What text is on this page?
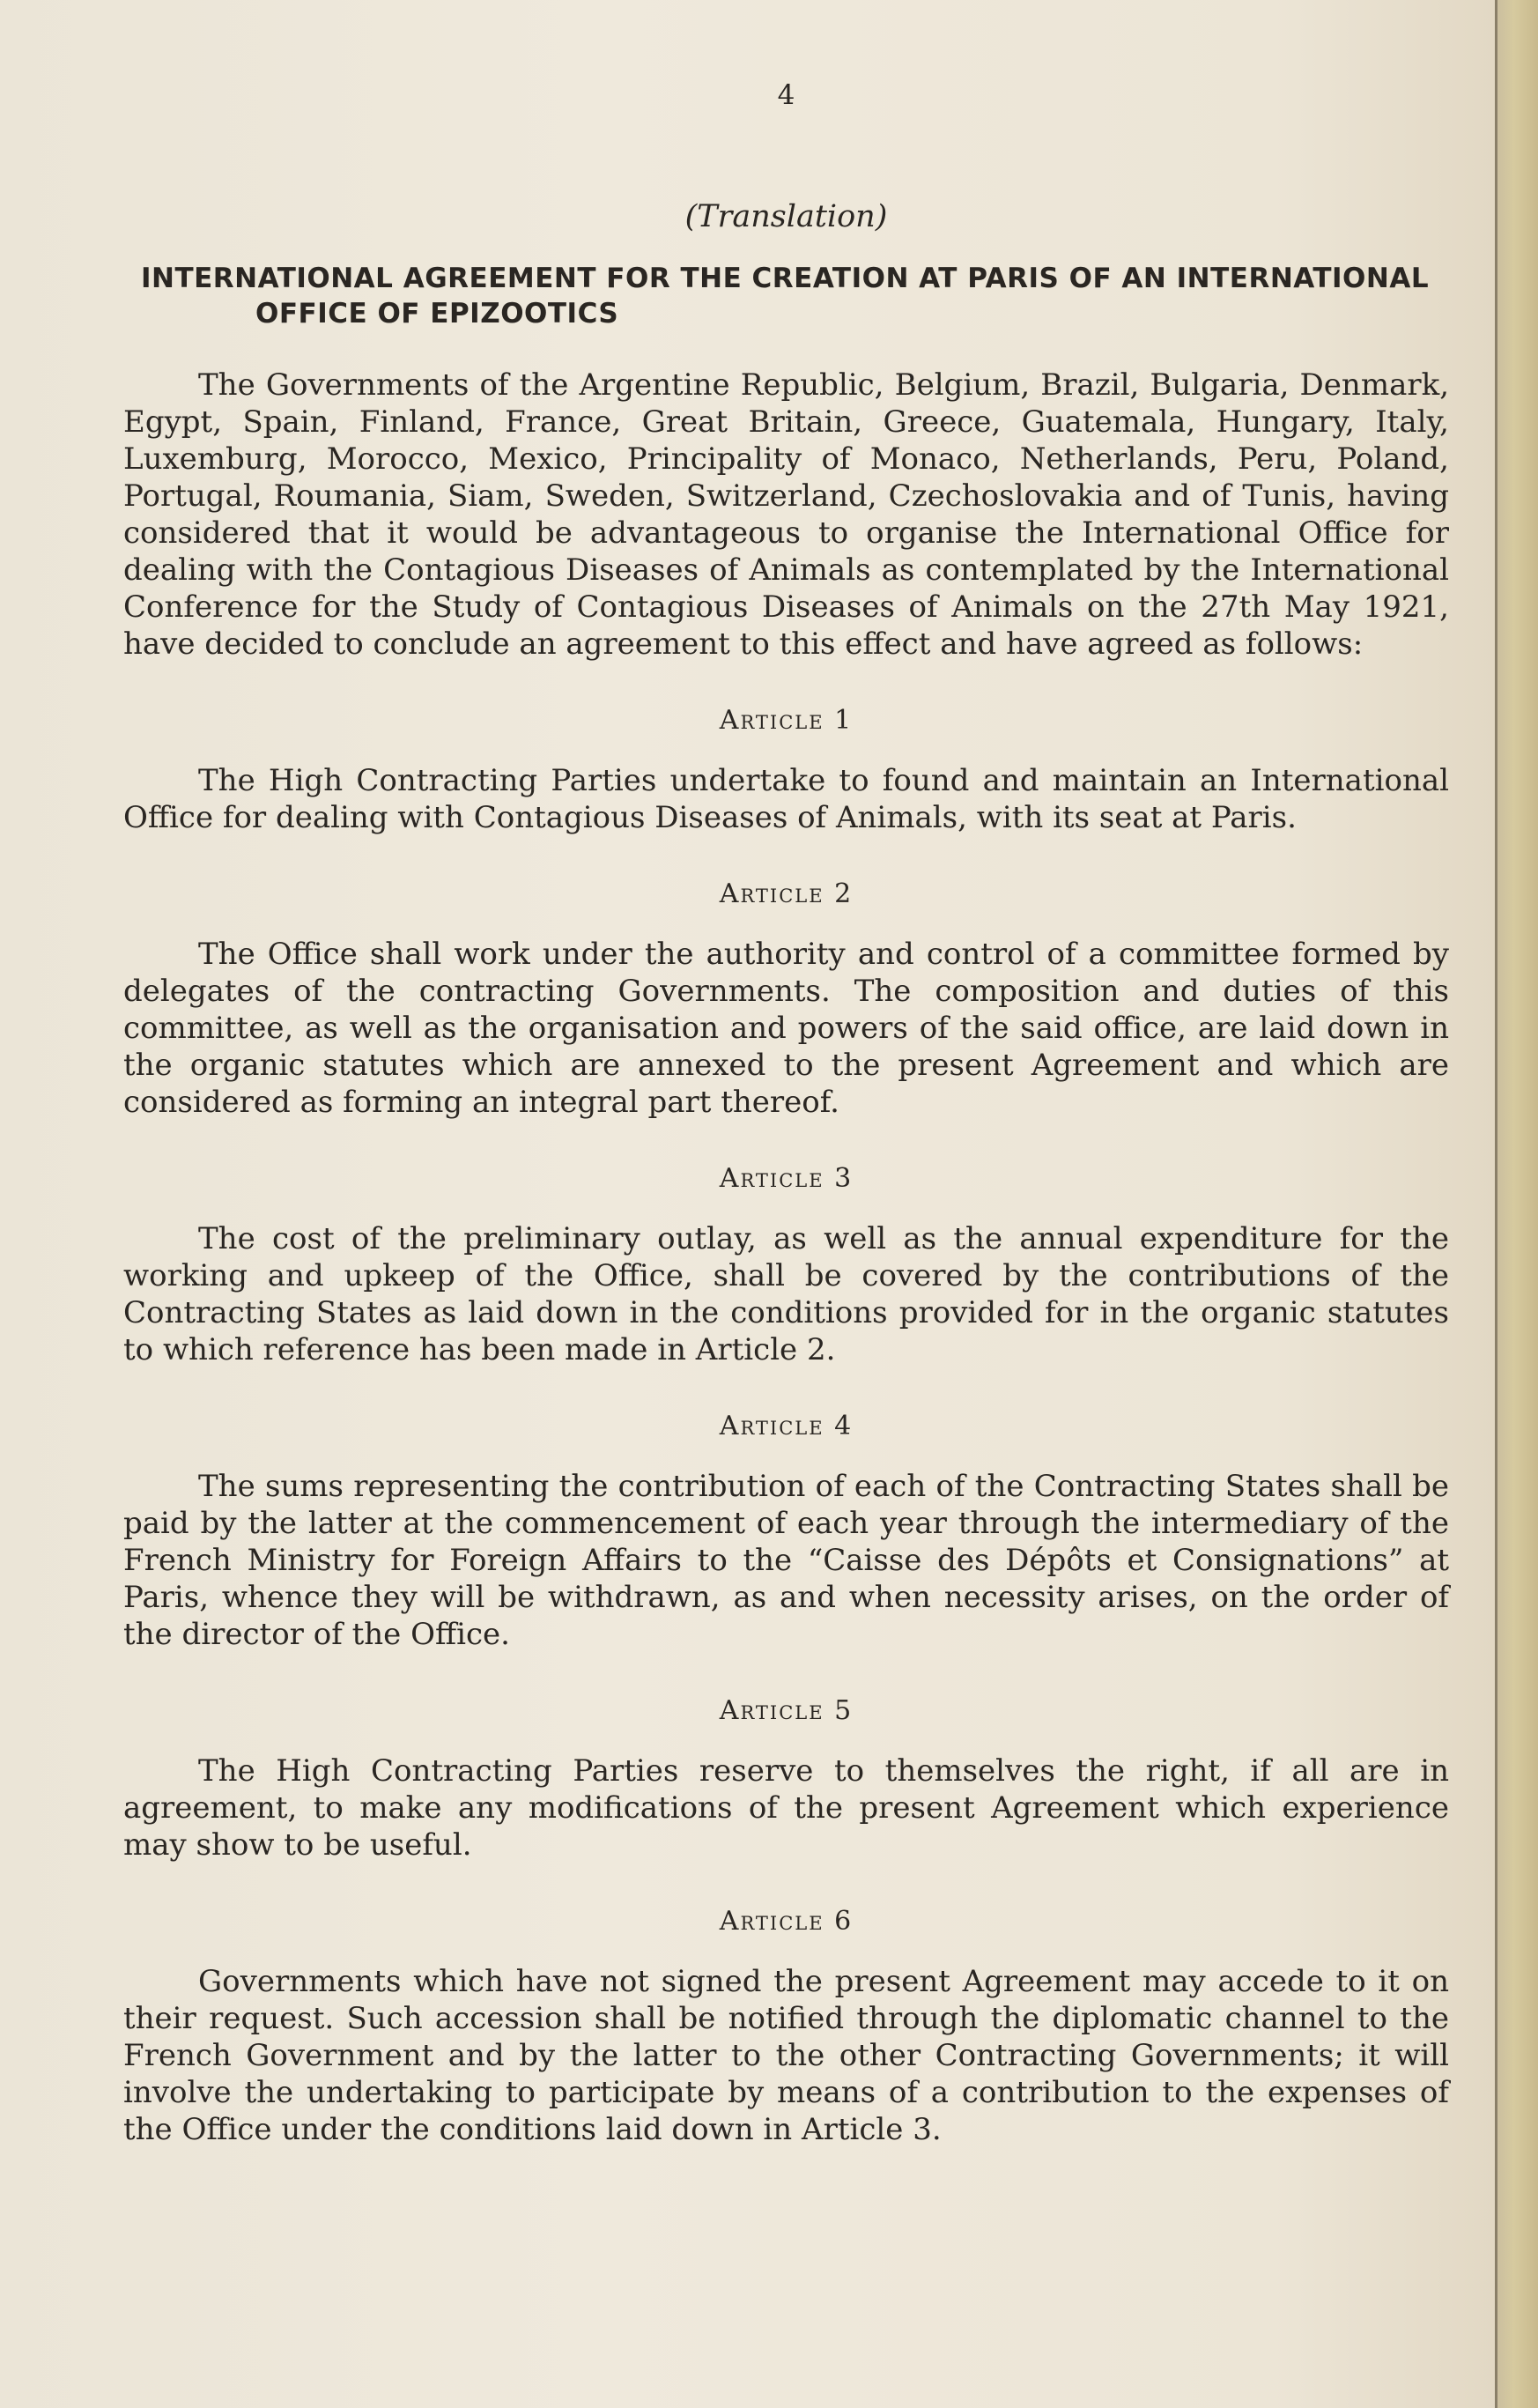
4
(Translation)
INTERNATIONAL AGREEMENT FOR THE CREATION AT PARIS OF AN INTERNATIONAL OFFICE OF EPIZOOTICS

The Governments of the Argentine Republic, Belgium, Brazil, Bulgaria, Denmark, Egypt, Spain, Finland, France, Great Britain, Greece, Guatemala, Hungary, Italy, Luxemburg, Morocco, Mexico, Principality of Monaco, Netherlands, Peru, Poland, Portugal, Roumania, Siam, Sweden, Switzerland, Czechoslovakia and of Tunis, having considered that it would be advantageous to organise the International Office for dealing with the Contagious Diseases of Animals as contemplated by the International Conference for the Study of Contagious Diseases of Animals on the 27th May 1921, have decided to conclude an agreement to this effect and have agreed as follows:

Article 1

The High Contracting Parties undertake to found and maintain an International Office for dealing with Contagious Diseases of Animals, with its seat at Paris.

Article 2

The Office shall work under the authority and control of a committee formed by delegates of the contracting Governments. The composition and duties of this committee, as well as the organisation and powers of the said office, are laid down in the organic statutes which are annexed to the present Agreement and which are considered as forming an integral part thereof.

Article 3

The cost of the preliminary outlay, as well as the annual expenditure for the working and upkeep of the Office, shall be covered by the contributions of the Contracting States as laid down in the conditions provided for in the organic statutes to which reference has been made in Article 2.

Article 4

The sums representing the contribution of each of the Contracting States shall be paid by the latter at the commencement of each year through the intermediary of the French Ministry for Foreign Affairs to the “Caisse des Dépôts et Consignations” at Paris, whence they will be withdrawn, as and when necessity arises, on the order of the director of the Office.

Article 5

The High Contracting Parties reserve to themselves the right, if all are in agreement, to make any modifications of the present Agreement which experience may show to be useful.

Article 6

Governments which have not signed the present Agreement may accede to it on their request. Such accession shall be notified through the diplomatic channel to the French Government and by the latter to the other Contracting Governments; it will involve the undertaking to participate by means of a contribution to the expenses of the Office under the conditions laid down in Article 3.
